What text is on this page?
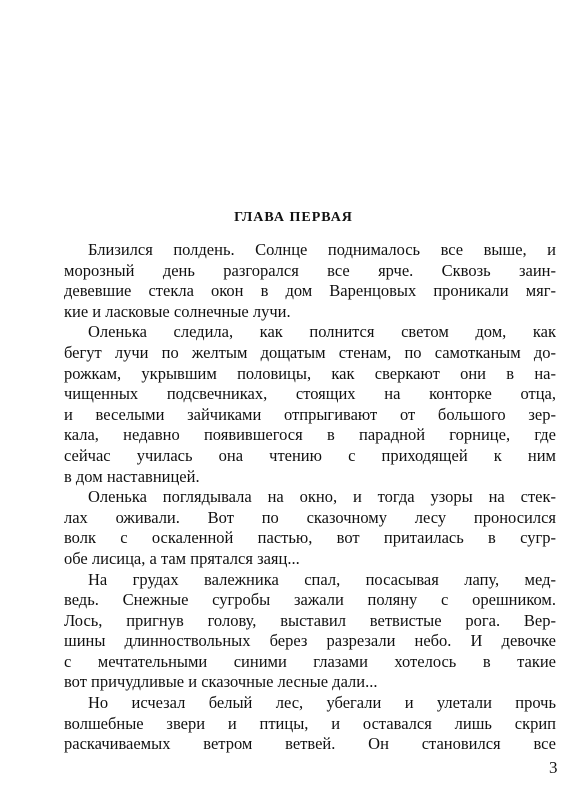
ГЛАВА ПЕРВАЯ
Близился полдень. Солнце поднималось все выше, и
морозный день разгорался все ярче. Сквозь заин-
девевшие стекла окон в дом Варенцовых проникали мяг-
кие и ласковые солнечные лучи.
Оленька следила, как полнится светом дом, как
бегут лучи по желтым дощатым стенам, по самотканым до-
рожкам, укрывшим половицы, как сверкают они в на-
чищенных подсвечниках, стоящих на конторке отца,
и веселыми зайчиками отпрыгивают от большого зер-
кала, недавно появившегося в парадной горнице, где
сейчас училась она чтению с приходящей к ним
в дом наставницей.
Оленька поглядывала на окно, и тогда узоры на стек-
лах оживали. Вот по сказочному лесу проносился
волк с оскаленной пастью, вот притаилась в сугр-
обе лисица, а там прятался заяц...
На грудах валежника спал, посасывая лапу, мед-
ведь. Снежные сугробы зажали поляну с орешником.
Лось, пригнув голову, выставил ветвистые рога. Вер-
шины длинноствольных берез разрезали небо. И девочке
с мечтательными синими глазами хотелось в такие
вот причудливые и сказочные лесные дали...
Но исчезал белый лес, убегали и улетали прочь
волшебные звери и птицы, и оставался лишь скрип
раскачиваемых ветром ветвей. Он становился все
3
